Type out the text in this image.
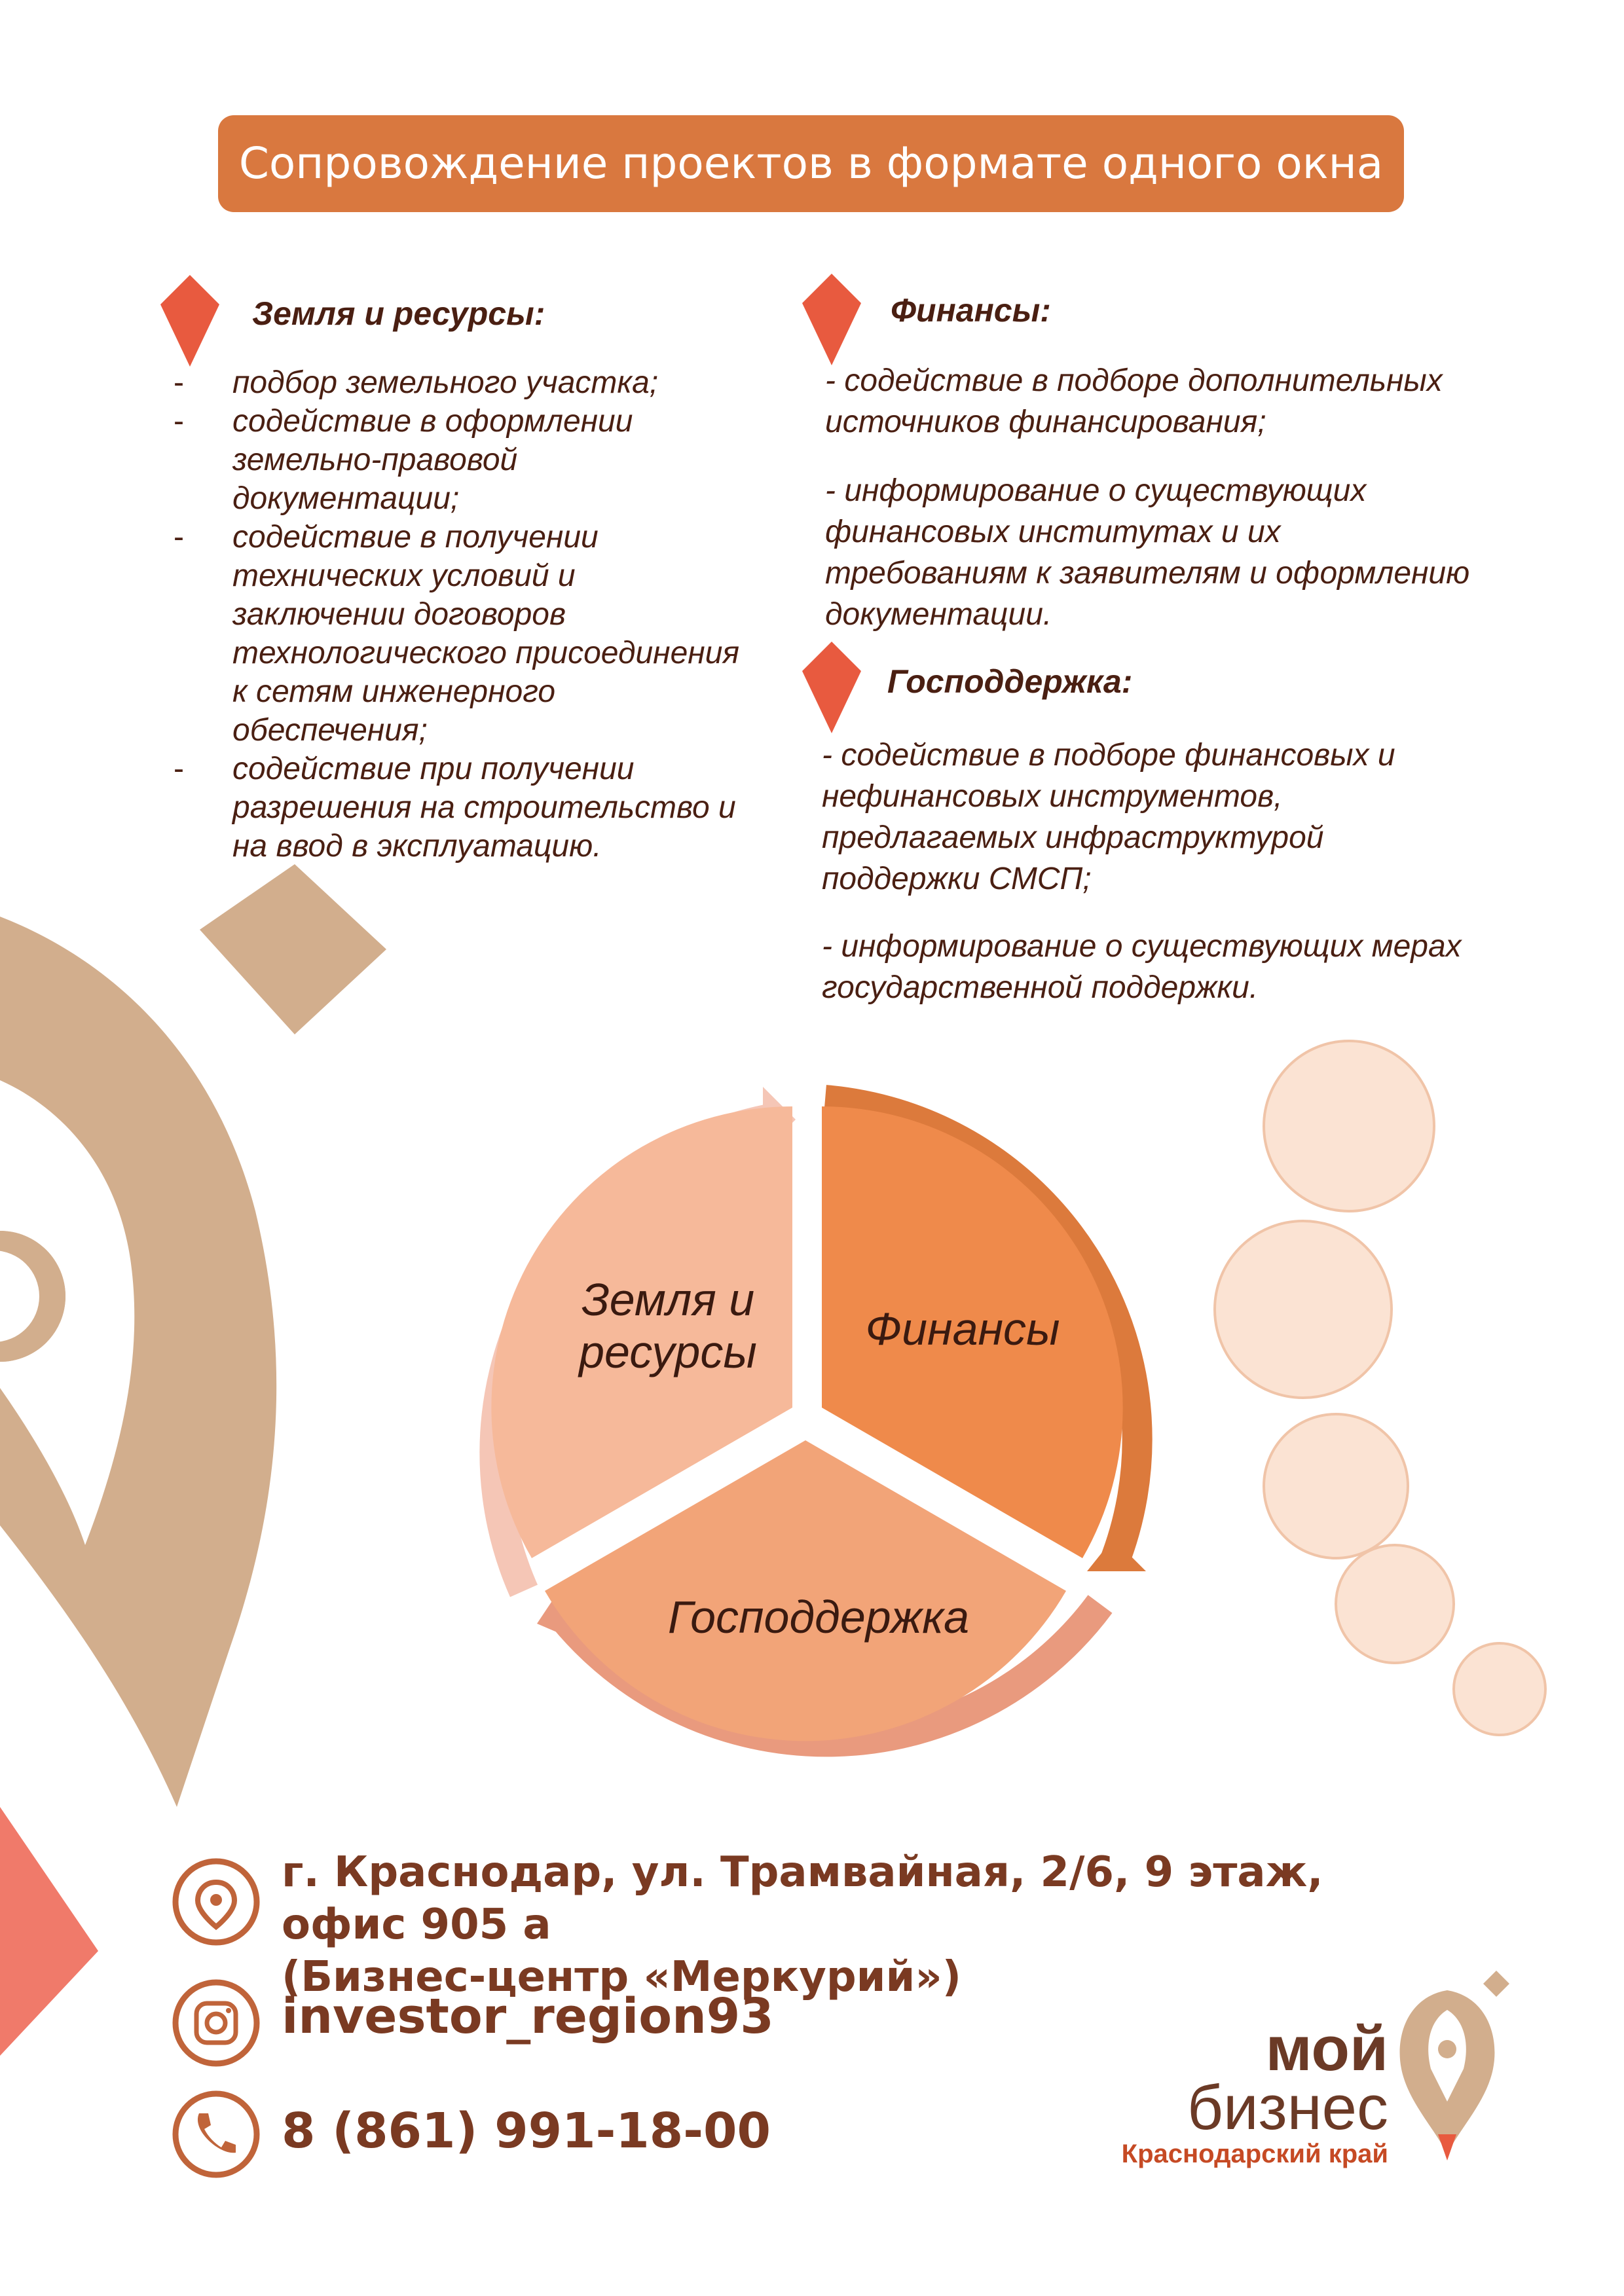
Сопровождение проектов в формате одного окна
Земля и ресурсы:
- подбор земельного участка;
- содействие в оформлении земельно-правовой документации;
- содействие в получении технических условий и заключении договоров технологического присоединения к сетям инженерного обеспечения;
- содействие при получении разрешения на строительство и на ввод в эксплуатацию.
Финансы:

- содействие в подборе дополнительных источников финансирования;

- информирование о существующих финансовых институтах и их требованиям к заявителям и оформлению документации.

Господдержка:

- содействие в подборе финансовых и нефинансовых инструментов, предлагаемых инфраструктурой поддержки СМСП;

- информирование о существующих мерах государственной поддержки.

Земля и
ресурсы	Финансы
Господдержка
г. Краснодар, ул. Трамвайная, 2/6, 9 этаж, офис 905 а
(Бизнес-центр «Меркурий»)
investor_region93
8 (861) 991-18-00
мой
бизнес
Краснодарский край
